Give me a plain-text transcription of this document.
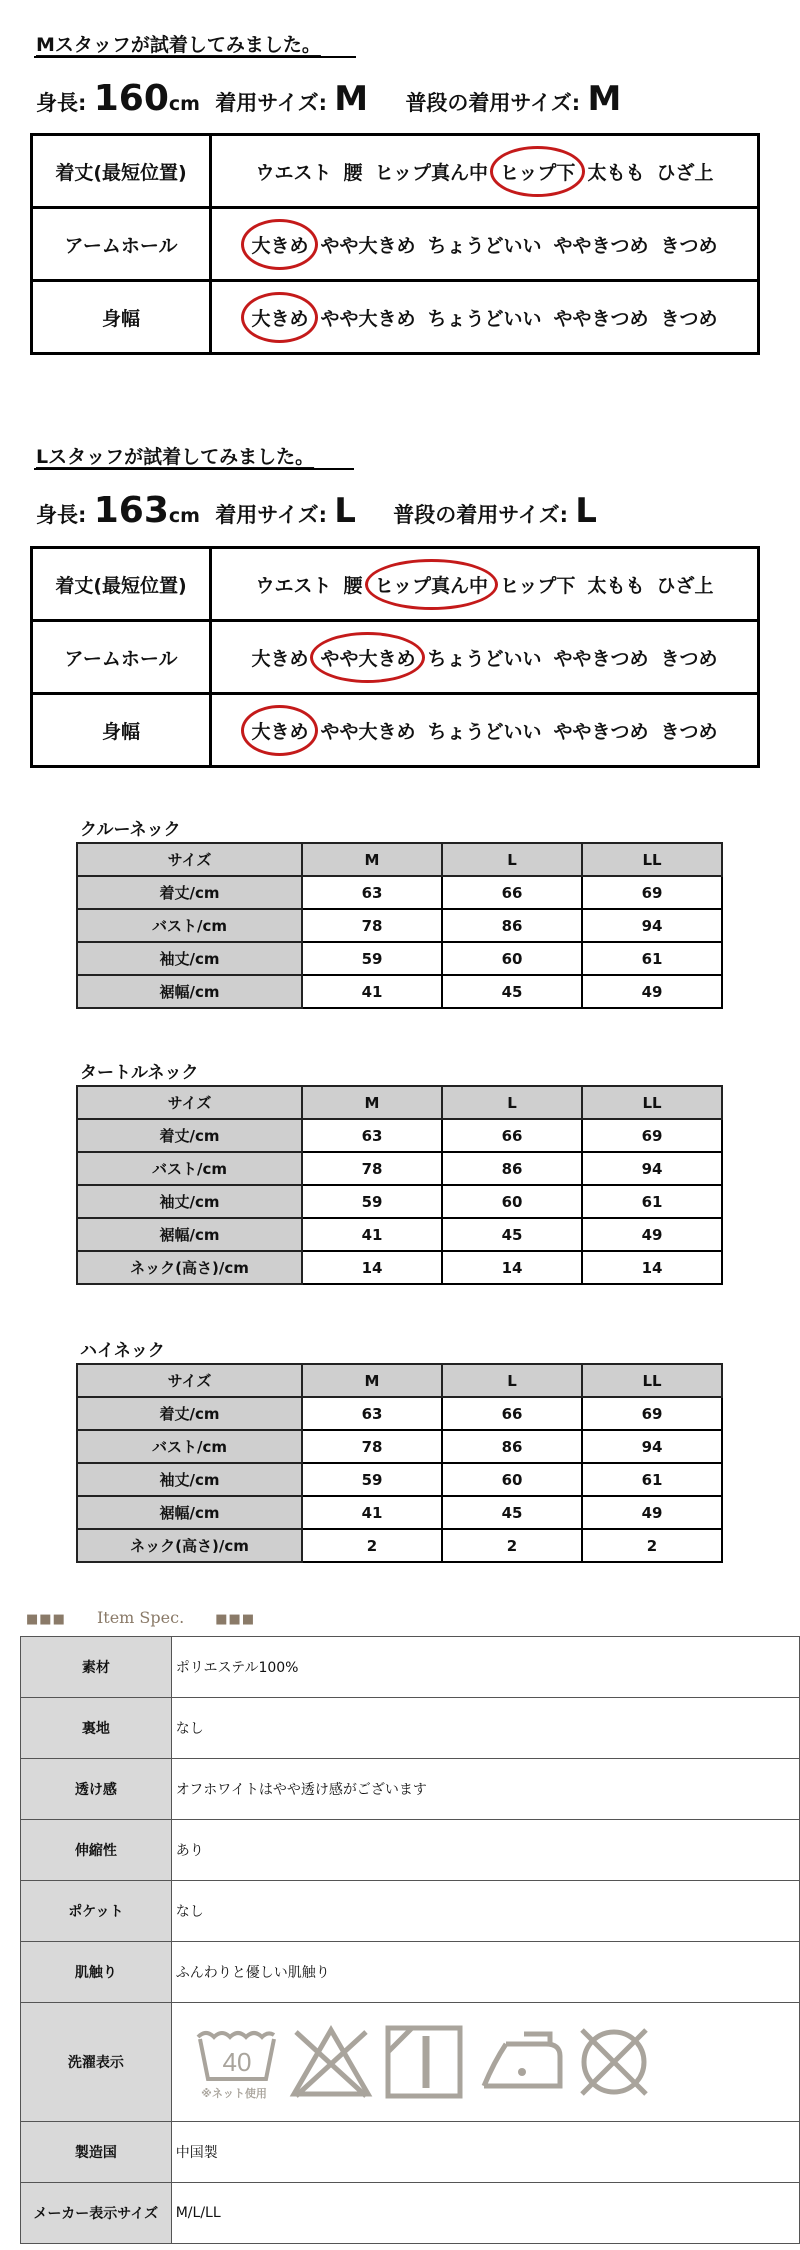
Mスタッフが試着してみました。
身長: 160cm 着用サイズ: M 普段の着用サイズ: M
着丈(最短位置)	ウエスト 腰 ヒップ真ん中 ヒップ下 太もも ひざ上
アームホール	大きめ やや大きめ ちょうどいい ややきつめ きつめ
身幅	大きめ やや大きめ ちょうどいい ややきつめ きつめ
Lスタッフが試着してみました。
身長: 163cm 着用サイズ: L 普段の着用サイズ: L
着丈(最短位置)	ウエスト 腰 ヒップ真ん中 ヒップ下 太もも ひざ上
アームホール	大きめ やや大きめ ちょうどいい ややきつめ きつめ
身幅	大きめ やや大きめ ちょうどいい ややきつめ きつめ
クルーネック
サイズ	M	L	LL
着丈/cm	63	66	69
バスト/cm	78	86	94
袖丈/cm	59	60	61
裾幅/cm	41	45	49
タートルネック
サイズ	M	L	LL
着丈/cm	63	66	69
バスト/cm	78	86	94
袖丈/cm	59	60	61
裾幅/cm	41	45	49
ネック(高さ)/cm	14	14	14
ハイネック
サイズ	M	L	LL
着丈/cm	63	66	69
バスト/cm	78	86	94
袖丈/cm	59	60	61
裾幅/cm	41	45	49
ネック(高さ)/cm	2	2	2
■■■ Item Spec. ■■■
素材	ポリエステル100%
裏地	なし
透け感	オフホワイトはやや透け感がございます
伸縮性	あり
ポケット	なし
肌触り	ふんわりと優しい肌触り
洗濯表示	40
※ネット使用

製造国	中国製
メーカー表示サイズ	M/L/LL
